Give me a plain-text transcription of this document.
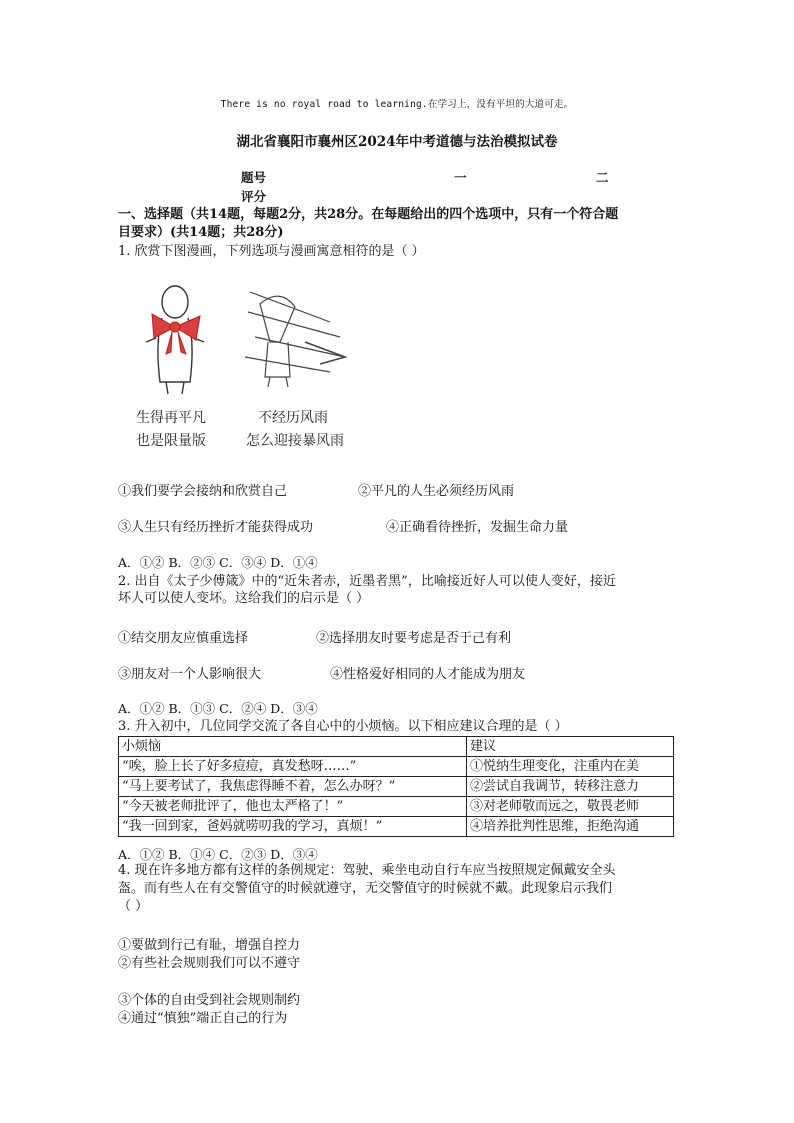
There is no royal road to learning.在学习上，没有平坦的大道可走。
湖北省襄阳市襄州区2024年中考道德与法治模拟试卷
题号	一	二
评分
一、选择题（共14题，每题2分，共28分。在每题给出的四个选项中，只有一个符合题
目要求）(共14题；共28分)
1. 欣赏下图漫画，下列选项与漫画寓意相符的是（ ）
生得再平凡
也是限量版
不经历风雨
怎么迎接暴风雨
①我们要学会接纳和欣赏自己	②平凡的人生必须经历风雨
③人生只有经历挫折才能获得成功	④正确看待挫折，发掘生命力量
A．①② B．②③ C．③④ D．①④
2. 出自《太子少傅箴》中的“近朱者赤，近墨者黑”，比喻接近好人可以使人变好，接近
坏人可以使人变坏。这给我们的启示是（ ）
①结交朋友应慎重选择	②选择朋友时要考虑是否于己有利
③朋友对一个人影响很大	④性格爱好相同的人才能成为朋友
A．①② B．①③ C．②④ D．③④
3. 升入初中，几位同学交流了各自心中的小烦恼。以下相应建议合理的是（ ）
小烦恼	建议
“唉，脸上长了好多痘痘，真发愁呀……”	①悦纳生理变化，注重内在美
“马上要考试了，我焦虑得睡不着，怎么办呀？”	②尝试自我调节，转移注意力
“今天被老师批评了，他也太严格了！”	③对老师敬而远之，敬畏老师
“我一回到家，爸妈就唠叨我的学习，真烦！”	④培养批判性思维，拒绝沟通
A．①② B．①④ C．②③ D．③④
4. 现在许多地方都有这样的条例规定：驾驶、乘坐电动自行车应当按照规定佩戴安全头
盔。而有些人在有交警值守的时候就遵守，无交警值守的时候就不戴。此现象启示我们
（ ）
①要做到行己有耻，增强自控力
②有些社会规则我们可以不遵守
③个体的自由受到社会规则制约
④通过“慎独”端正自己的行为
